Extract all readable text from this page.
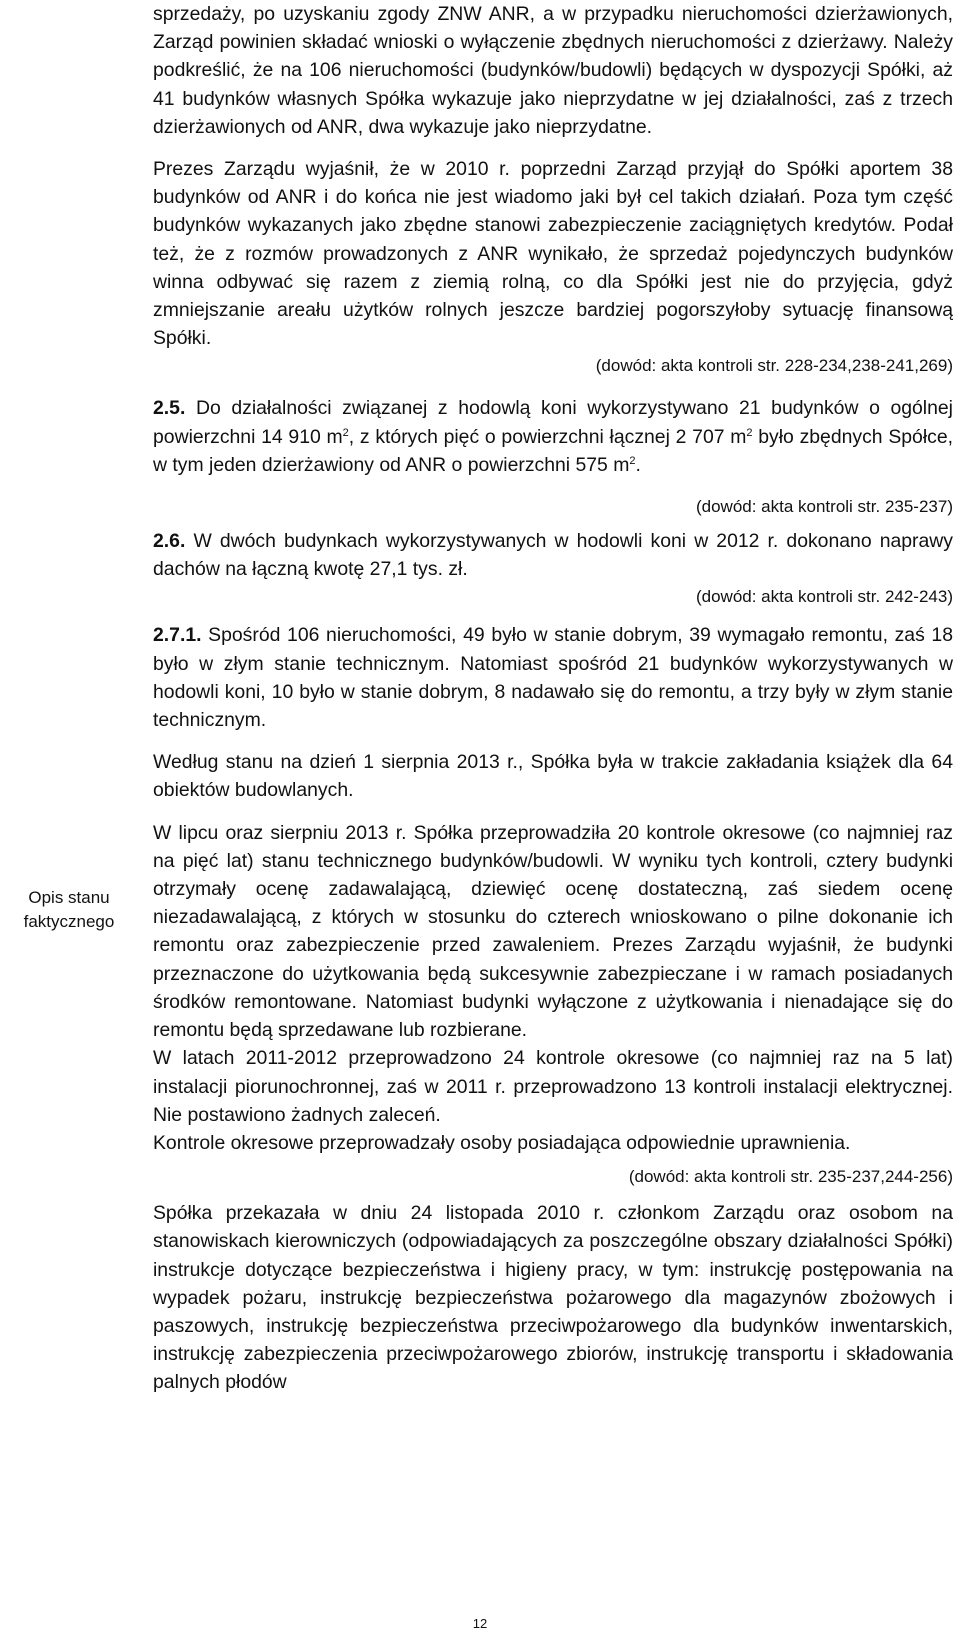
Opis stanu
faktycznego

sprzedaży, po uzyskaniu zgody ZNW ANR, a w przypadku nieruchomości dzierżawionych, Zarząd powinien składać wnioski o wyłączenie zbędnych nieruchomości z dzierżawy. Należy podkreślić, że na 106 nieruchomości (budynków/budowli) będących w dyspozycji Spółki, aż 41 budynków własnych Spółka wykazuje jako nieprzydatne w jej działalności, zaś z trzech dzierżawionych od ANR, dwa wykazuje jako nieprzydatne.

Prezes Zarządu wyjaśnił, że w 2010 r. poprzedni Zarząd przyjął do Spółki aportem 38 budynków od ANR i do końca nie jest wiadomo jaki był cel takich działań. Poza tym część budynków wykazanych jako zbędne stanowi zabezpieczenie zaciągniętych kredytów. Podał też, że z rozmów prowadzonych z ANR wynikało, że sprzedaż pojedynczych budynków winna odbywać się razem z ziemią rolną, co dla Spółki jest nie do przyjęcia, gdyż zmniejszanie areału użytków rolnych jeszcze bardziej pogorszyłoby sytuację finansową Spółki.

(dowód: akta kontroli str. 228-234,238-241,269)

2.5. Do działalności związanej z hodowlą koni wykorzystywano 21 budynków o ogólnej powierzchni 14 910 $m^2$, z których pięć o powierzchni łącznej 2 707 $m^2$ było zbędnych Spółce, w tym jeden dzierżawiony od ANR o powierzchni 575 $m^2$.

(dowód: akta kontroli str. 235-237)

2.6. W dwóch budynkach wykorzystywanych w hodowli koni w 2012 r. dokonano naprawy dachów na łączną kwotę 27,1 tys. zł.

(dowód: akta kontroli str. 242-243)

2.7.1. Spośród 106 nieruchomości, 49 było w stanie dobrym, 39 wymagało remontu, zaś 18 było w złym stanie technicznym. Natomiast spośród 21 budynków wykorzystywanych w hodowli koni, 10 było w stanie dobrym, 8 nadawało się do remontu, a trzy były w złym stanie technicznym.

Według stanu na dzień 1 sierpnia 2013 r., Spółka była w trakcie zakładania książek dla 64 obiektów budowlanych.

W lipcu oraz sierpniu 2013 r. Spółka przeprowadziła 20 kontrole okresowe (co najmniej raz na pięć lat) stanu technicznego budynków/budowli. W wyniku tych kontroli, cztery budynki otrzymały ocenę zadawalającą, dziewięć ocenę dostateczną, zaś siedem ocenę niezadawalającą, z których w stosunku do czterech wnioskowano o pilne dokonanie ich remontu oraz zabezpieczenie przed zawaleniem. Prezes Zarządu wyjaśnił, że budynki przeznaczone do użytkowania będą sukcesywnie zabezpieczane i w ramach posiadanych środków remontowane. Natomiast budynki wyłączone z użytkowania i nienadające się do remontu będą sprzedawane lub rozbierane.

W latach 2011-2012 przeprowadzono 24 kontrole okresowe (co najmniej raz na 5 lat) instalacji piorunochronnej, zaś w 2011 r. przeprowadzono 13 kontroli instalacji elektrycznej. Nie postawiono żadnych zaleceń.

Kontrole okresowe przeprowadzały osoby posiadająca odpowiednie uprawnienia.

(dowód: akta kontroli str. 235-237,244-256)

Spółka przekazała w dniu 24 listopada 2010 r. członkom Zarządu oraz osobom na stanowiskach kierowniczych (odpowiadających za poszczególne obszary działalności Spółki) instrukcje dotyczące bezpieczeństwa i higieny pracy, w tym: instrukcję postępowania na wypadek pożaru, instrukcję bezpieczeństwa pożarowego dla magazynów zbożowych i paszowych, instrukcję bezpieczeństwa przeciwpożarowego dla budynków inwentarskich, instrukcję zabezpieczenia przeciwpożarowego zbiorów, instrukcję transportu i składowania palnych płodów

12
